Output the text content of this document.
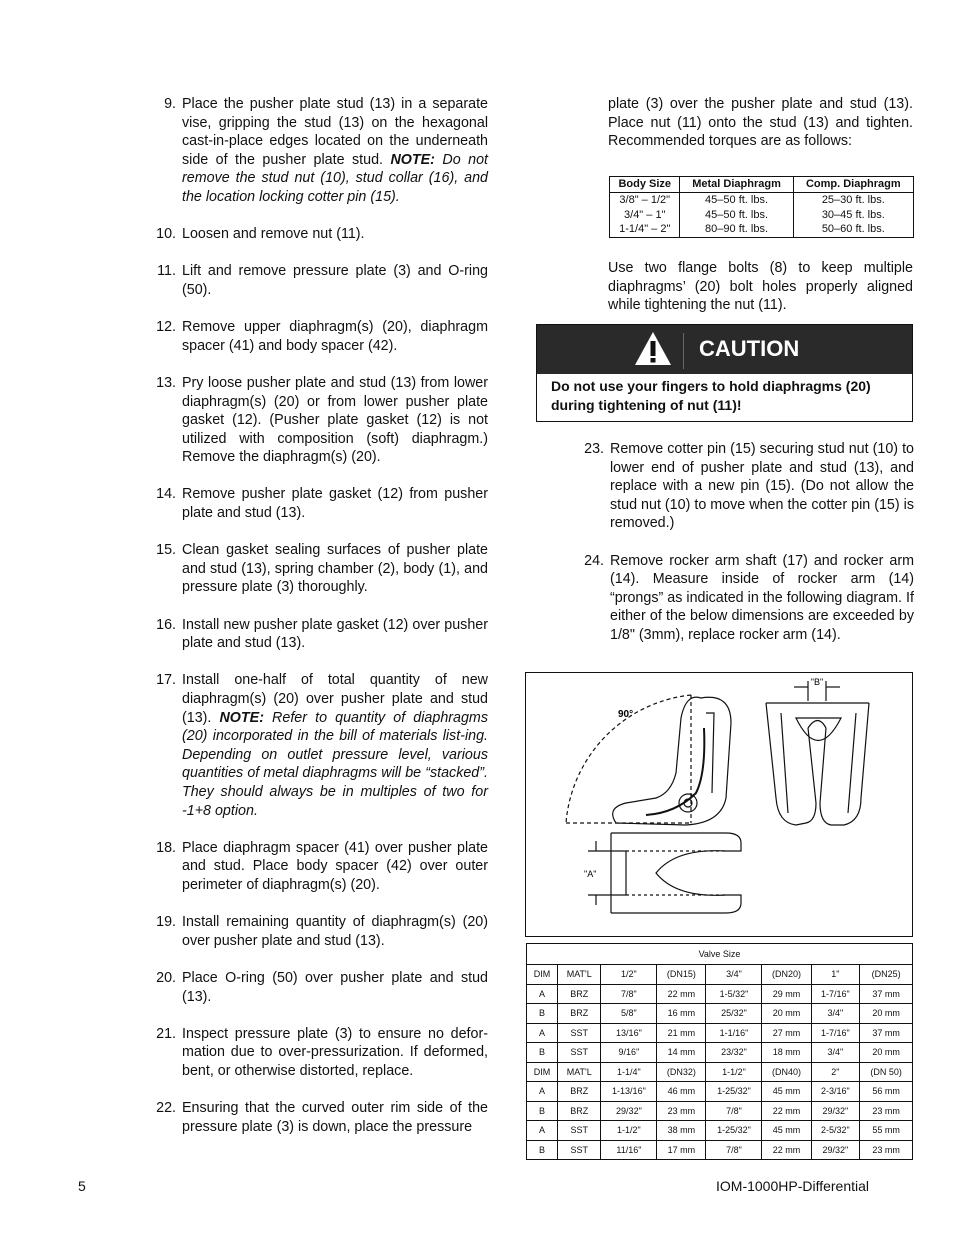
9. Place the pusher plate stud (13) in a separate vise, gripping the stud (13) on the hexagonal cast-in-place edges located on the underneath side of the pusher plate stud. NOTE: Do not remove the stud nut (10), stud collar (16), and the location locking cotter pin (15).
10. Loosen and remove nut (11).
11. Lift and remove pressure plate (3) and O-ring (50).
12. Remove upper diaphragm(s) (20), diaphragm spacer (41) and body spacer (42).
13. Pry loose pusher plate and stud (13) from lower diaphragm(s) (20) or from lower pusher plate gasket (12). (Pusher plate gasket (12) is not utilized with composition (soft) diaphragm.) Remove the diaphragm(s) (20).
14. Remove pusher plate gasket (12) from pusher plate and stud (13).
15. Clean gasket sealing surfaces of pusher plate and stud (13), spring chamber (2), body (1), and pressure plate (3) thoroughly.
16. Install new pusher plate gasket (12) over pusher plate and stud (13).
17. Install one-half of total quantity of new diaphragm(s) (20) over pusher plate and stud (13). NOTE: Refer to quantity of diaphragms (20) incorporated in the bill of materials list-ing. Depending on outlet pressure level, various quantities of metal diaphragms will be “stacked”. They should always be in multiples of two for -1+8 option.
18. Place diaphragm spacer (41) over pusher plate and stud. Place body spacer (42) over outer perimeter of diaphragm(s) (20).
19. Install remaining quantity of diaphragm(s) (20) over pusher plate and stud (13).
20. Place O-ring (50) over pusher plate and stud (13).
21. Inspect pressure plate (3) to ensure no defor-mation due to over-pressurization. If deformed, bent, or otherwise distorted, replace.
22. Ensuring that the curved outer rim side of the pressure plate (3) is down, place the pressure

plate (3) over the pusher plate and stud (13). Place nut (11) onto the stud (13) and tighten. Recommended torques are as follows:

Body Size	Metal Diaphragm	Comp. Diaphragm
3/8" – 1/2"	45–50 ft. lbs.	25–30 ft. lbs.
3/4" – 1"	45–50 ft. lbs.	30–45 ft. lbs.
1-1/4" – 2"	80–90 ft. lbs.	50–60 ft. lbs.

Use two flange bolts (8) to keep multiple diaphragms’ (20) bolt holes properly aligned while tightening the nut (11).

CAUTION
Do not use your fingers to hold diaphragms (20) during tightening of nut (11)!
23. Remove cotter pin (15) securing stud nut (10) to lower end of pusher plate and stud (13), and replace with a new pin (15). (Do not allow the stud nut (10) to move when the cotter pin (15) is removed.)
24. Remove rocker arm shaft (17) and rocker arm (14). Measure inside of rocker arm (14) “prongs” as indicated in the following diagram. If either of the below dimensions are exceeded by 1/8" (3mm), replace rocker arm (14).
90°
"B"
"A"
Valve Size							
DIM	MAT'L	1/2"	(DN15)	3/4"	(DN20)	1"	(DN25)
A	BRZ	7/8"	22 mm	1-5/32"	29 mm	1-7/16"	37 mm
B	BRZ	5/8"	16 mm	25/32"	20 mm	3/4"	20 mm
A	SST	13/16"	21 mm	1-1/16"	27 mm	1-7/16"	37 mm
B	SST	9/16"	14 mm	23/32"	18 mm	3/4"	20 mm
DIM	MAT'L	1-1/4"	(DN32)	1-1/2"	(DN40)	2"	(DN 50)
A	BRZ	1-13/16"	46 mm	1-25/32"	45 mm	2-3/16"	56 mm
B	BRZ	29/32"	23 mm	7/8"	22 mm	29/32"	23 mm
A	SST	1-1/2"	38 mm	1-25/32"	45 mm	2-5/32"	55 mm
B	SST	11/16"	17 mm	7/8"	22 mm	29/32"	23 mm
5	IOM-1000HP-Differential
